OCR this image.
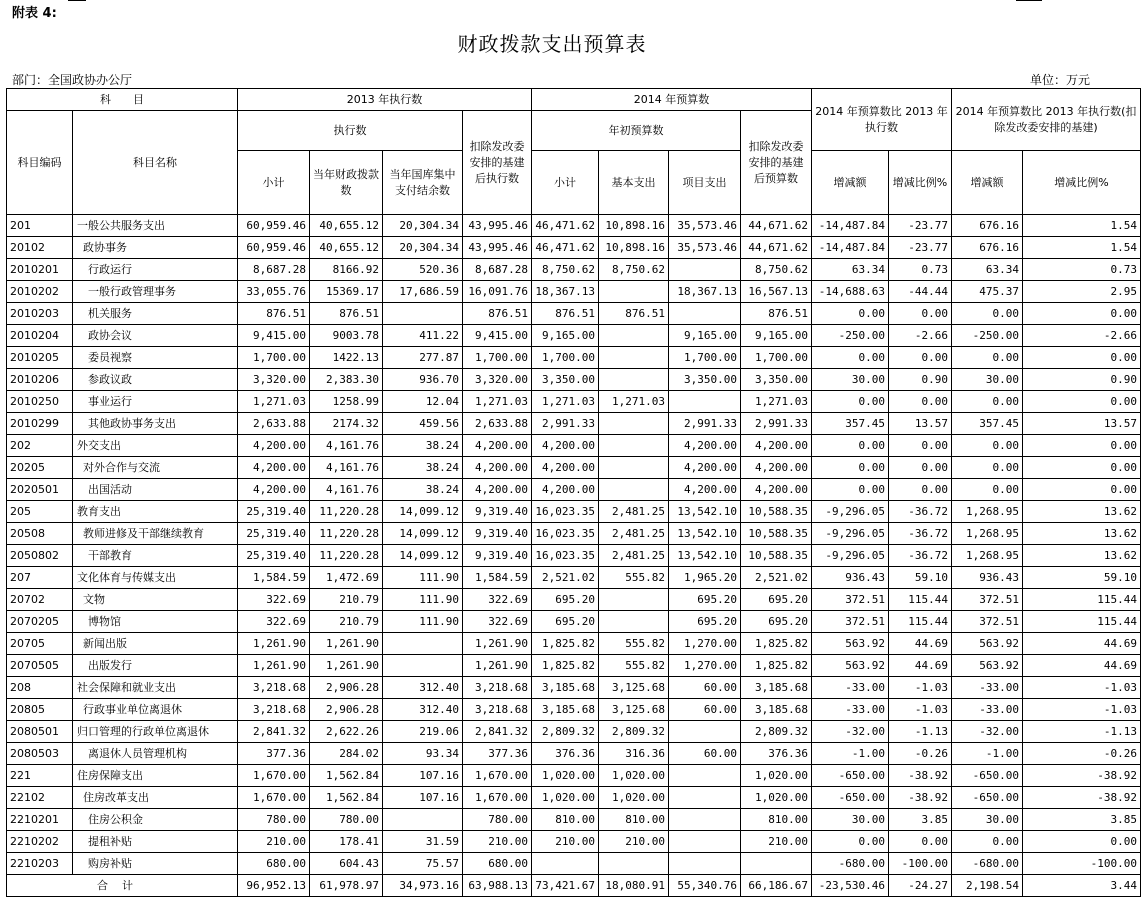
附表 4:
财政拨款支出预算表
部门：全国政协办公厅	单位：万元
科　　目		2013 年执行数				2014 年预算数				2014 年预算数比 2013 年执行数		2014 年预算数比 2013 年执行数(扣除发改委安排的基建)	
科目编码	科目名称	执行数			扣除发改委安排的基建后执行数	年初预算数			扣除发改委安排的基建后预算数				
		小计	当年财政拨款数	当年国库集中支付结余数		小计	基本支出	项目支出		增减额	增减比例%	增减额	增减比例%
201	一般公共服务支出	60,959.46	40,655.12	20,304.34	43,995.46	46,471.62	10,898.16	35,573.46	44,671.62	-14,487.84	-23.77	676.16	1.54
20102	政协事务	60,959.46	40,655.12	20,304.34	43,995.46	46,471.62	10,898.16	35,573.46	44,671.62	-14,487.84	-23.77	676.16	1.54
2010201	行政运行	8,687.28	8166.92	520.36	8,687.28	8,750.62	8,750.62		8,750.62	63.34	0.73	63.34	0.73
2010202	一般行政管理事务	33,055.76	15369.17	17,686.59	16,091.76	18,367.13		18,367.13	16,567.13	-14,688.63	-44.44	475.37	2.95
2010203	机关服务	876.51	876.51		876.51	876.51	876.51		876.51	0.00	0.00	0.00	0.00
2010204	政协会议	9,415.00	9003.78	411.22	9,415.00	9,165.00		9,165.00	9,165.00	-250.00	-2.66	-250.00	-2.66
2010205	委员视察	1,700.00	1422.13	277.87	1,700.00	1,700.00		1,700.00	1,700.00	0.00	0.00	0.00	0.00
2010206	参政议政	3,320.00	2,383.30	936.70	3,320.00	3,350.00		3,350.00	3,350.00	30.00	0.90	30.00	0.90
2010250	事业运行	1,271.03	1258.99	12.04	1,271.03	1,271.03	1,271.03		1,271.03	0.00	0.00	0.00	0.00
2010299	其他政协事务支出	2,633.88	2174.32	459.56	2,633.88	2,991.33		2,991.33	2,991.33	357.45	13.57	357.45	13.57
202	外交支出	4,200.00	4,161.76	38.24	4,200.00	4,200.00		4,200.00	4,200.00	0.00	0.00	0.00	0.00
20205	对外合作与交流	4,200.00	4,161.76	38.24	4,200.00	4,200.00		4,200.00	4,200.00	0.00	0.00	0.00	0.00
2020501	出国活动	4,200.00	4,161.76	38.24	4,200.00	4,200.00		4,200.00	4,200.00	0.00	0.00	0.00	0.00
205	教育支出	25,319.40	11,220.28	14,099.12	9,319.40	16,023.35	2,481.25	13,542.10	10,588.35	-9,296.05	-36.72	1,268.95	13.62
20508	教师进修及干部继续教育	25,319.40	11,220.28	14,099.12	9,319.40	16,023.35	2,481.25	13,542.10	10,588.35	-9,296.05	-36.72	1,268.95	13.62
2050802	干部教育	25,319.40	11,220.28	14,099.12	9,319.40	16,023.35	2,481.25	13,542.10	10,588.35	-9,296.05	-36.72	1,268.95	13.62
207	文化体育与传媒支出	1,584.59	1,472.69	111.90	1,584.59	2,521.02	555.82	1,965.20	2,521.02	936.43	59.10	936.43	59.10
20702	文物	322.69	210.79	111.90	322.69	695.20		695.20	695.20	372.51	115.44	372.51	115.44
2070205	博物馆	322.69	210.79	111.90	322.69	695.20		695.20	695.20	372.51	115.44	372.51	115.44
20705	新闻出版	1,261.90	1,261.90		1,261.90	1,825.82	555.82	1,270.00	1,825.82	563.92	44.69	563.92	44.69
2070505	出版发行	1,261.90	1,261.90		1,261.90	1,825.82	555.82	1,270.00	1,825.82	563.92	44.69	563.92	44.69
208	社会保障和就业支出	3,218.68	2,906.28	312.40	3,218.68	3,185.68	3,125.68	60.00	3,185.68	-33.00	-1.03	-33.00	-1.03
20805	行政事业单位离退休	3,218.68	2,906.28	312.40	3,218.68	3,185.68	3,125.68	60.00	3,185.68	-33.00	-1.03	-33.00	-1.03
2080501	归口管理的行政单位离退休	2,841.32	2,622.26	219.06	2,841.32	2,809.32	2,809.32		2,809.32	-32.00	-1.13	-32.00	-1.13
2080503	离退休人员管理机构	377.36	284.02	93.34	377.36	376.36	316.36	60.00	376.36	-1.00	-0.26	-1.00	-0.26
221	住房保障支出	1,670.00	1,562.84	107.16	1,670.00	1,020.00	1,020.00		1,020.00	-650.00	-38.92	-650.00	-38.92
22102	住房改革支出	1,670.00	1,562.84	107.16	1,670.00	1,020.00	1,020.00		1,020.00	-650.00	-38.92	-650.00	-38.92
2210201	住房公积金	780.00	780.00		780.00	810.00	810.00		810.00	30.00	3.85	30.00	3.85
2210202	提租补贴	210.00	178.41	31.59	210.00	210.00	210.00		210.00	0.00	0.00	0.00	0.00
2210203	购房补贴	680.00	604.43	75.57	680.00					-680.00	-100.00	-680.00	-100.00
合计		96,952.13	61,978.97	34,973.16	63,988.13	73,421.67	18,080.91	55,340.76	66,186.67	-23,530.46	-24.27	2,198.54	3.44
